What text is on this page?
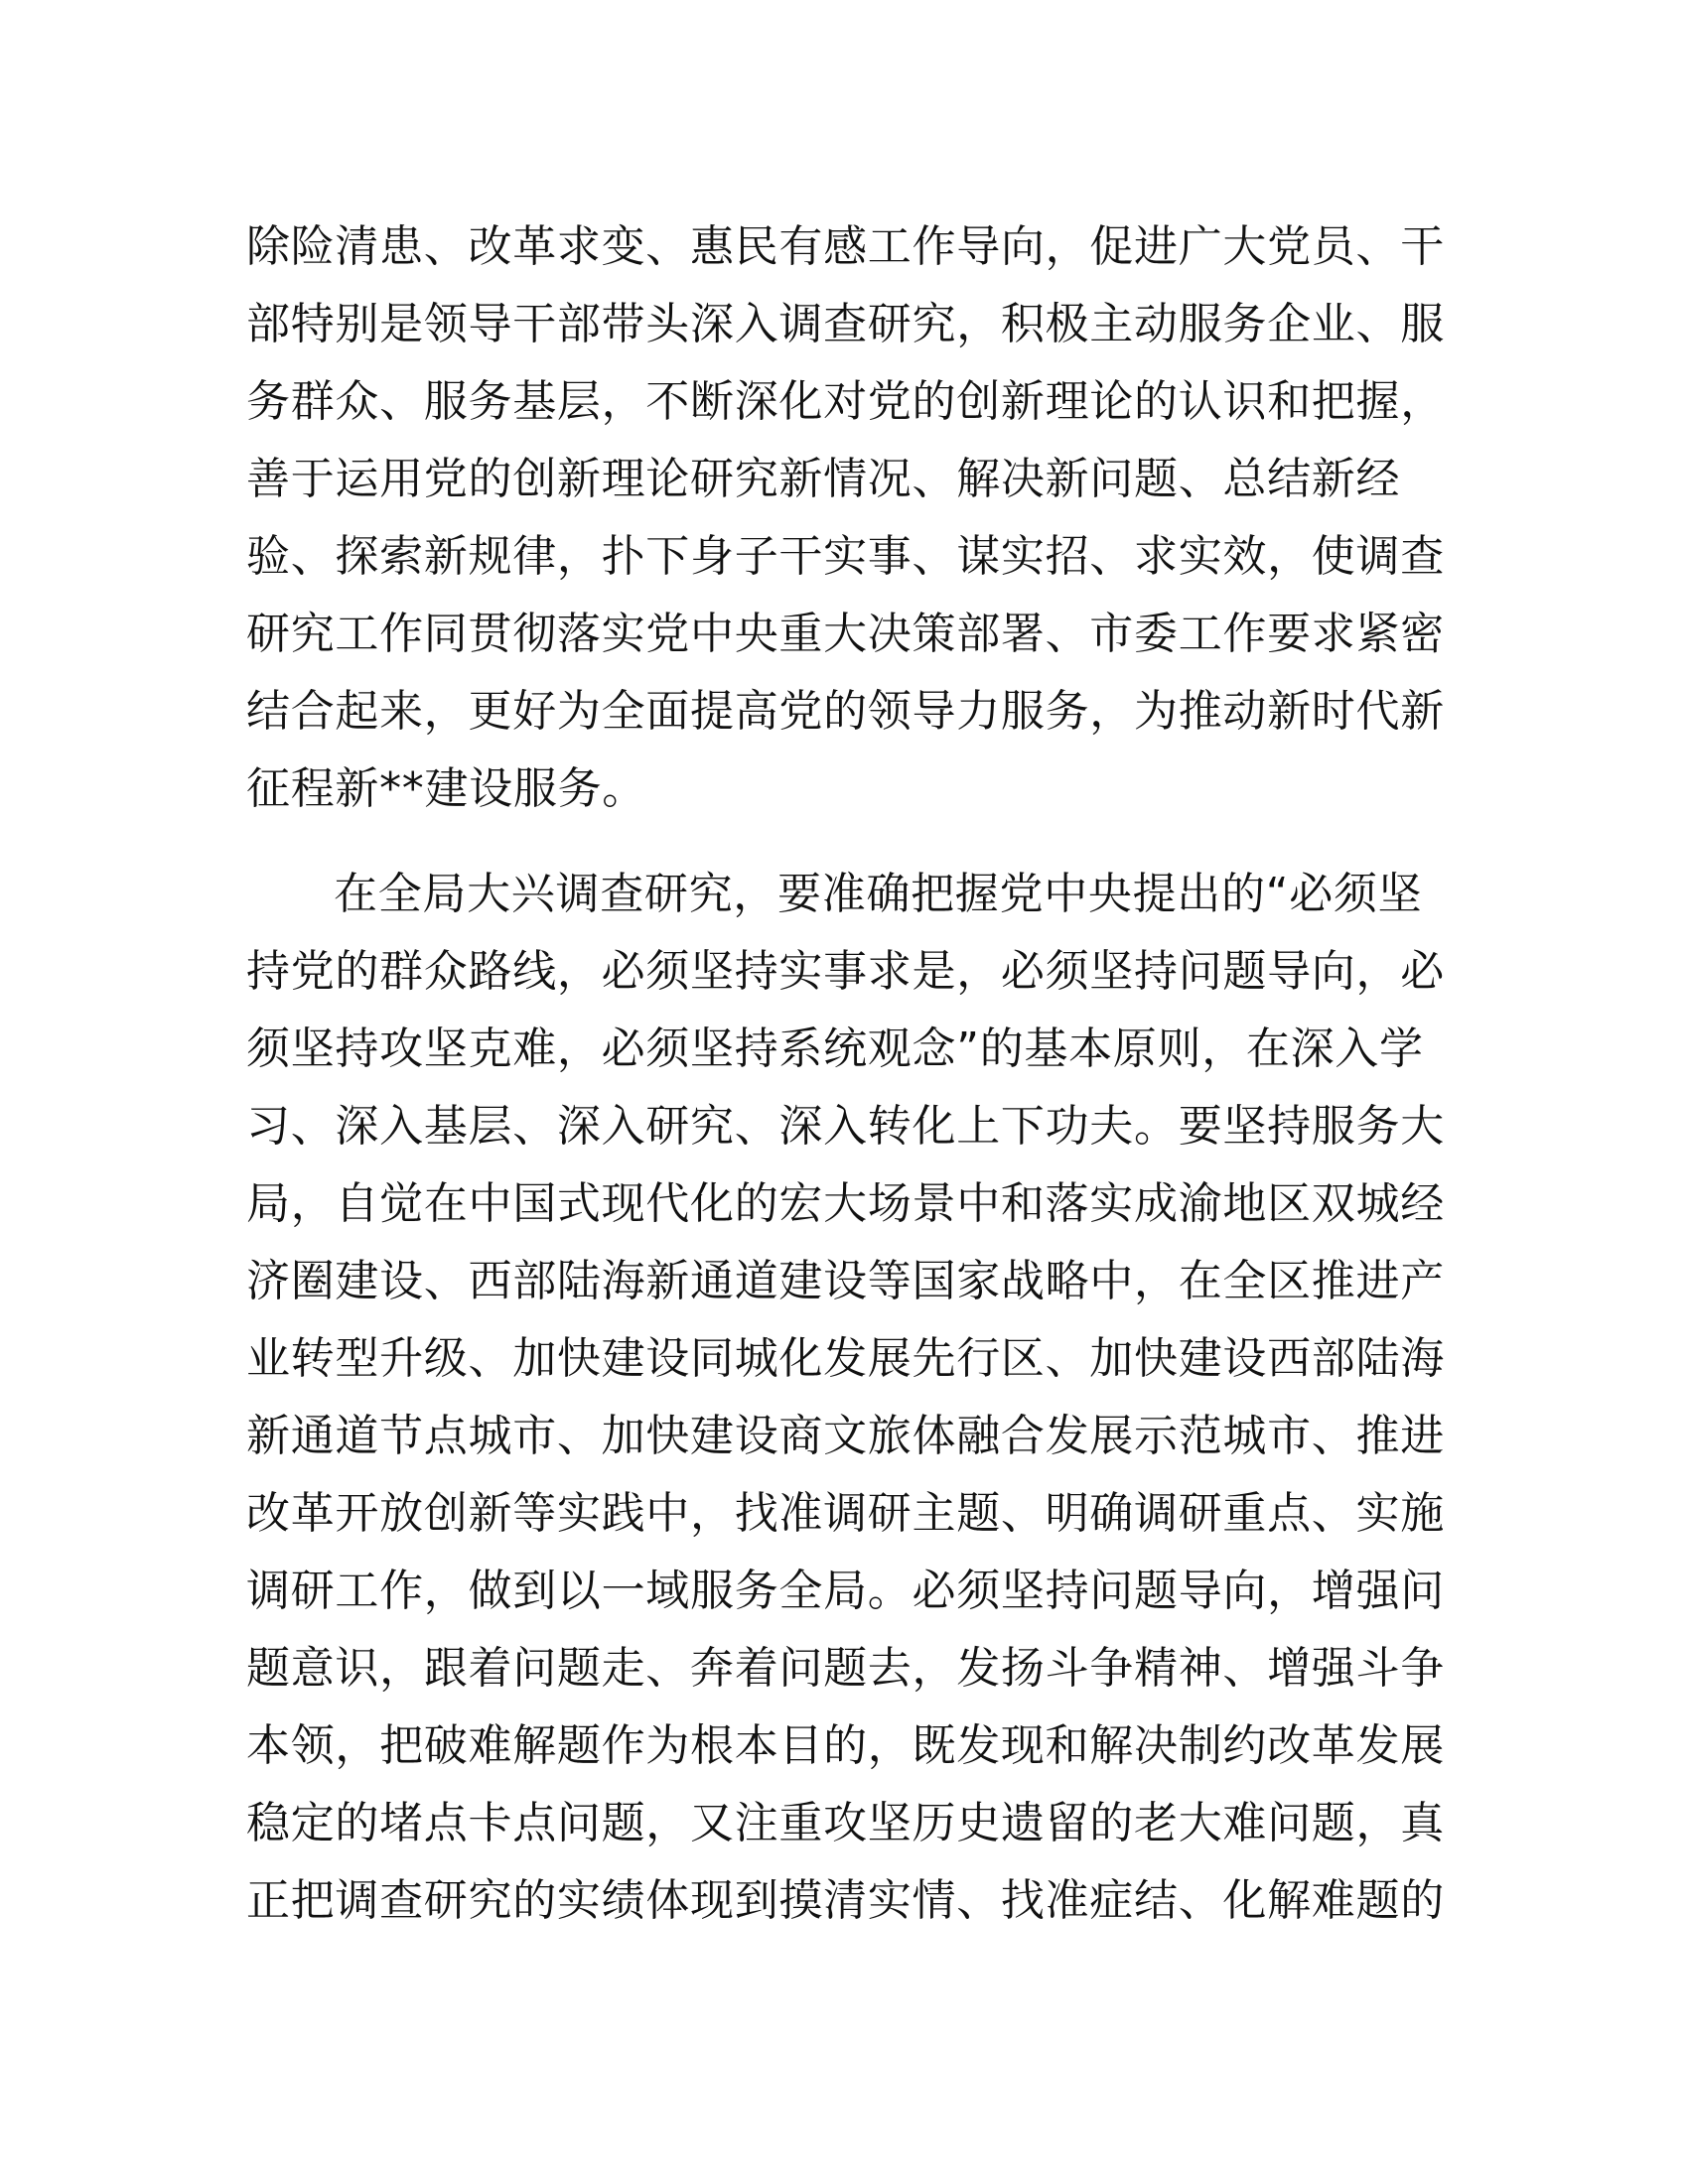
除险清患、改革求变、惠民有感工作导向，促进广大党员、干

部特别是领导干部带头深入调查研究，积极主动服务企业、服

务群众、服务基层，不断深化对党的创新理论的认识和把握，

善于运用党的创新理论研究新情况、解决新问题、总结新经

验、探索新规律，扑下身子干实事、谋实招、求实效，使调查

研究工作同贯彻落实党中央重大决策部署、市委工作要求紧密

结合起来，更好为全面提高党的领导力服务，为推动新时代新

征程新**建设服务。

在全局大兴调查研究，要准确把握党中央提出的“必须坚

持党的群众路线，必须坚持实事求是，必须坚持问题导向，必

须坚持攻坚克难，必须坚持系统观念”的基本原则，在深入学

习、深入基层、深入研究、深入转化上下功夫。要坚持服务大

局，自觉在中国式现代化的宏大场景中和落实成渝地区双城经

济圈建设、西部陆海新通道建设等国家战略中，在全区推进产

业转型升级、加快建设同城化发展先行区、加快建设西部陆海

新通道节点城市、加快建设商文旅体融合发展示范城市、推进

改革开放创新等实践中，找准调研主题、明确调研重点、实施

调研工作，做到以一域服务全局。必须坚持问题导向，增强问

题意识，跟着问题走、奔着问题去，发扬斗争精神、增强斗争

本领，把破难解题作为根本目的，既发现和解决制约改革发展

稳定的堵点卡点问题，又注重攻坚历史遗留的老大难问题，真

正把调查研究的实绩体现到摸清实情、找准症结、化解难题的
